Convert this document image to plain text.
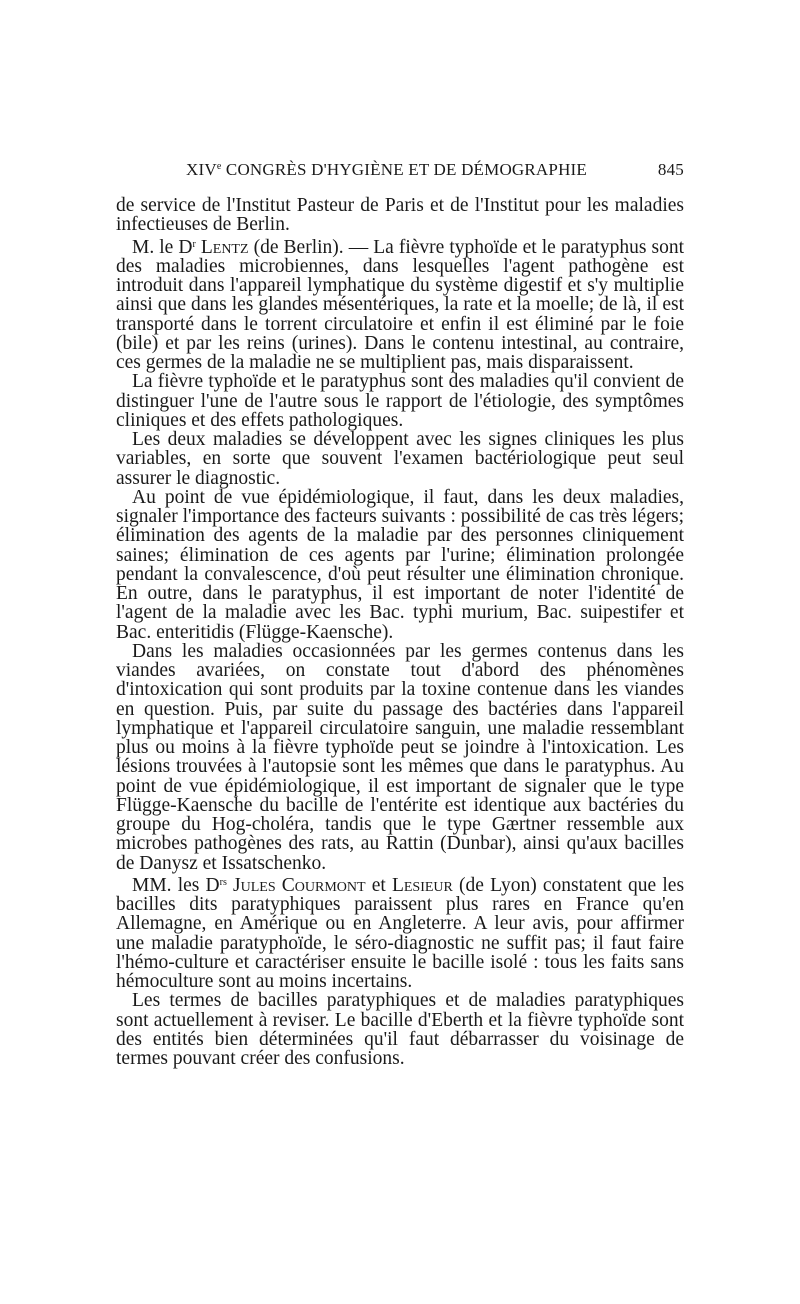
XIVe CONGRÈS D'HYGIÈNE ET DE DÉMOGRAPHIE	845

de service de l'Institut Pasteur de Paris et de l'Institut pour les maladies infectieuses de Berlin.

M. le $D^r$ Lentz (de Berlin). — La fièvre typhoïde et le paratyphus sont des maladies microbiennes, dans lesquelles l'agent pathogène est introduit dans l'appareil lymphatique du système digestif et s'y multiplie ainsi que dans les glandes mésentériques, la rate et la moelle; de là, il est transporté dans le torrent circulatoire et enfin il est éliminé par le foie (bile) et par les reins (urines). Dans le contenu intestinal, au contraire, ces germes de la maladie ne se multiplient pas, mais disparaissent.

La fièvre typhoïde et le paratyphus sont des maladies qu'il convient de distinguer l'une de l'autre sous le rapport de l'étiologie, des symptômes cliniques et des effets pathologiques.

Les deux maladies se développent avec les signes cliniques les plus variables, en sorte que souvent l'examen bactériologique peut seul assurer le diagnostic.

Au point de vue épidémiologique, il faut, dans les deux maladies, signaler l'importance des facteurs suivants : possibilité de cas très légers; élimination des agents de la maladie par des personnes cliniquement saines; élimination de ces agents par l'urine; élimination prolongée pendant la convalescence, d'où peut résulter une élimination chronique. En outre, dans le paratyphus, il est important de noter l'identité de l'agent de la maladie avec les Bac. typhi murium, Bac. suipestifer et Bac. enteritidis (Flügge-Kaensche).

Dans les maladies occasionnées par les germes contenus dans les viandes avariées, on constate tout d'abord des phénomènes d'intoxication qui sont produits par la toxine contenue dans les viandes en question. Puis, par suite du passage des bactéries dans l'appareil lymphatique et l'appareil circulatoire sanguin, une maladie ressemblant plus ou moins à la fièvre typhoïde peut se joindre à l'intoxication. Les lésions trouvées à l'autopsie sont les mêmes que dans le paratyphus. Au point de vue épidémiologique, il est important de signaler que le type Flügge-Kaensche du bacille de l'entérite est identique aux bactéries du groupe du Hog-choléra, tandis que le type Gærtner ressemble aux microbes pathogènes des rats, au Rattin (Dunbar), ainsi qu'aux bacilles de Danysz et Issatschenko.

MM. les $D^{rs}$ Jules Courmont et Lesieur (de Lyon) constatent que les bacilles dits paratyphiques paraissent plus rares en France qu'en Allemagne, en Amérique ou en Angleterre. A leur avis, pour affirmer une maladie paratyphoïde, le séro-diagnostic ne suffit pas; il faut faire l'hémo-culture et caractériser ensuite le bacille isolé : tous les faits sans hémoculture sont au moins incertains.

Les termes de bacilles paratyphiques et de maladies paratyphiques sont actuellement à reviser. Le bacille d'Eberth et la fièvre typhoïde sont des entités bien déterminées qu'il faut débarrasser du voisinage de termes pouvant créer des confusions.
